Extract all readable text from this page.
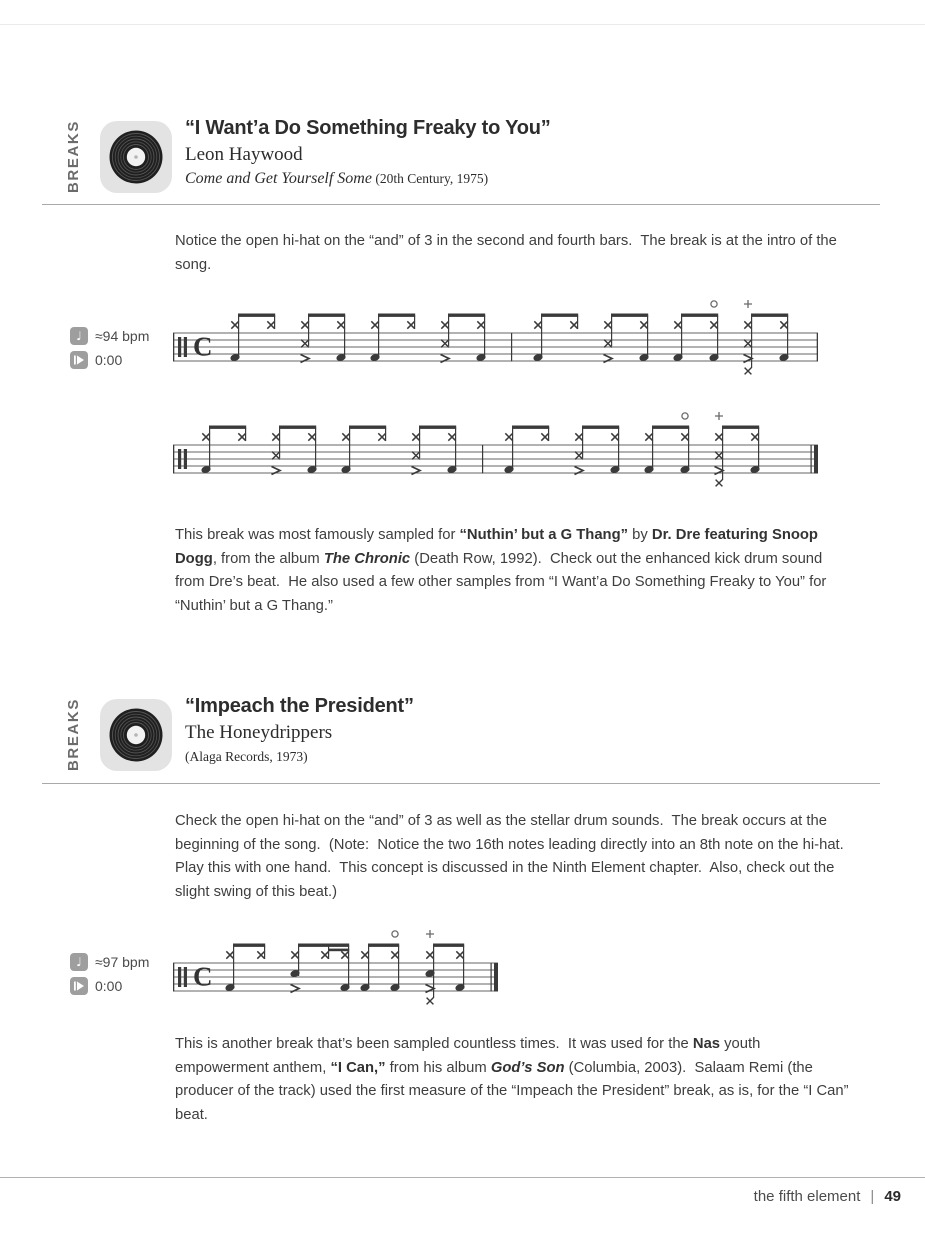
BREAKS	“I Want’a Do Something Freaky to You”
Leon Haywood
Come and Get Yourself Some (20th Century, 1975)

Notice the open hi-hat on the “and” of 3 in the second and fourth bars.  The break is at the intro of the song.

♩ ≈94 bpm
0:00	C

This break was most famously sampled for “Nuthin’ but a G Thang” by Dr. Dre featuring Snoop Dogg, from the album The Chronic (Death Row, 1992).  Check out the enhanced kick drum sound from Dre’s beat.  He also used a few other samples from “I Want’a Do Something Freaky to You” for “Nuthin’ but a G Thang.”

BREAKS	“Impeach the President”
The Honeydrippers
(Alaga Records, 1973)

Check the open hi-hat on the “and” of 3 as well as the stellar drum sounds.  The break occurs at the beginning of the song.  (Note:  Notice the two 16th notes leading directly into an 8th note on the hi-hat.  Play this with one hand.  This concept is discussed in the Ninth Element chapter.  Also, check out the slight swing of this beat.)

♩ ≈97 bpm
0:00	C

This is another break that’s been sampled countless times.  It was used for the Nas youth empowerment anthem, “I Can,” from his album God’s Son (Columbia, 2003).  Salaam Remi (the producer of the track) used the first measure of the “Impeach the President” break, as is, for the “I Can” beat.

the fifth element | 49
